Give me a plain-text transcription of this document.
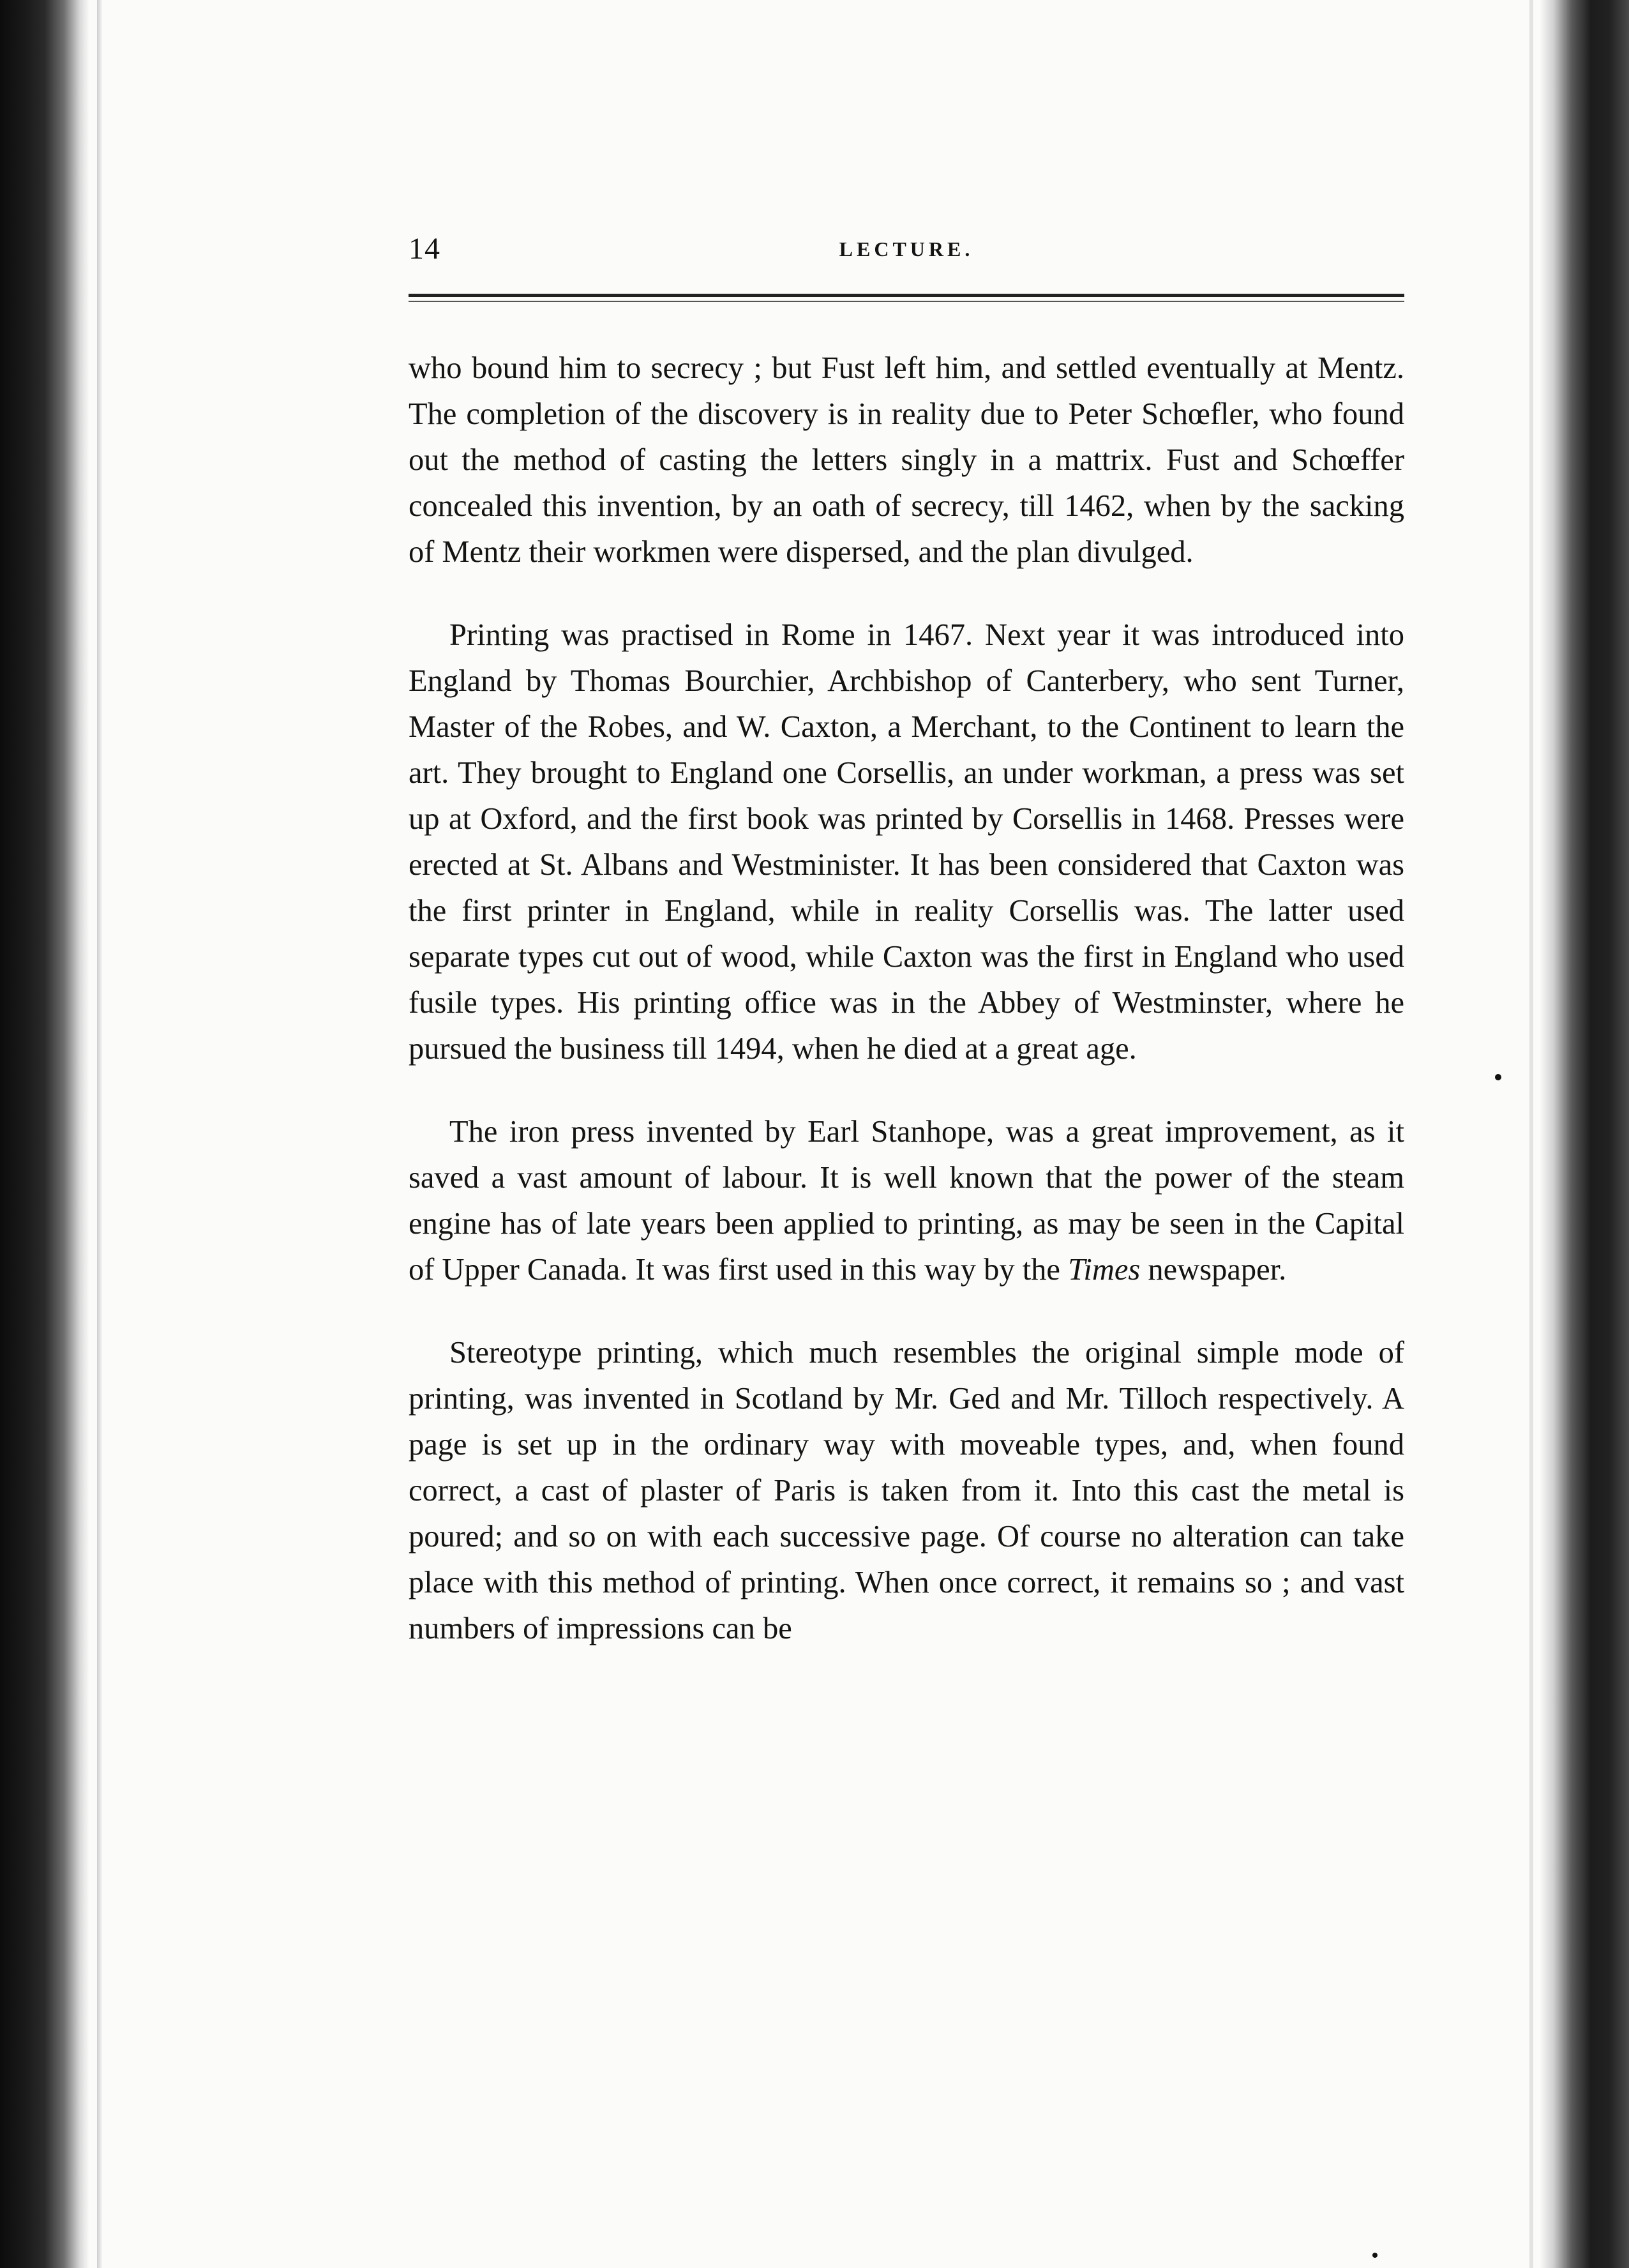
14	LECTURE.

who bound him to secrecy ; but Fust left him, and settled eventually at Mentz. The completion of the discovery is in reality due to Peter Schœfler, who found out the method of casting the letters singly in a mattrix. Fust and Schœffer concealed this invention, by an oath of secrecy, till 1462, when by the sacking of Mentz their workmen were dispersed, and the plan divulged.

Printing was practised in Rome in 1467. Next year it was introduced into England by Thomas Bourchier, Archbishop of Canterbery, who sent Turner, Master of the Robes, and W. Caxton, a Merchant, to the Continent to learn the art. They brought to England one Corsellis, an under workman, a press was set up at Oxford, and the first book was printed by Corsellis in 1468. Presses were erected at St. Albans and Westminister. It has been considered that Caxton was the first printer in England, while in reality Corsellis was. The latter used separate types cut out of wood, while Caxton was the first in England who used fusile types. His printing office was in the Abbey of Westminster, where he pursued the business till 1494, when he died at a great age.

The iron press invented by Earl Stanhope, was a great improvement, as it saved a vast amount of labour. It is well known that the power of the steam engine has of late years been applied to printing, as may be seen in the Capital of Upper Canada. It was first used in this way by the Times newspaper.

Stereotype printing, which much resembles the original simple mode of printing, was invented in Scotland by Mr. Ged and Mr. Tilloch respectively. A page is set up in the ordinary way with moveable types, and, when found correct, a cast of plaster of Paris is taken from it. Into this cast the metal is poured; and so on with each successive page. Of course no alteration can take place with this method of printing. When once correct, it remains so ; and vast numbers of impressions can be
